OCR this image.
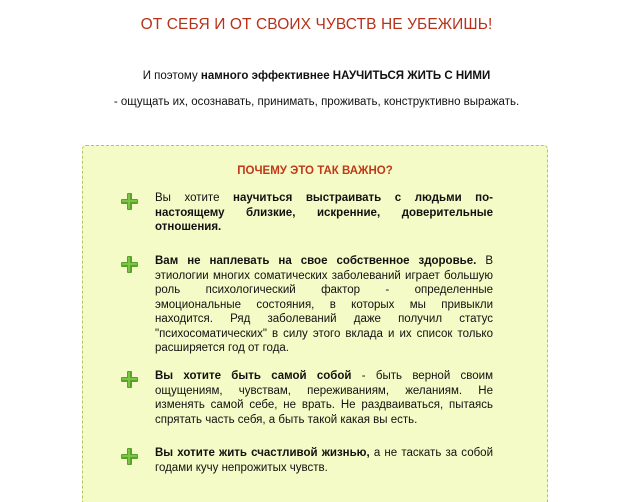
ОТ СЕБЯ И ОТ СВОИХ ЧУВСТВ НЕ УБЕЖИШЬ!
И поэтому намного эффективнее НАУЧИТЬСЯ ЖИТЬ С НИМИ
- ощущать их, осознавать, принимать, проживать, конструктивно выражать.
ПОЧЕМУ ЭТО ТАК ВАЖНО?
Вы хотите научиться выстраивать с людьми по-настоящему близкие, искренние, доверительные отношения.
Вам не наплевать на свое собственное здоровье. В этиологии многих соматических заболеваний играет большую роль психологический фактор - определенные эмоциональные состояния, в которых мы привыкли находится. Ряд заболеваний даже получил статус "психосоматических" в силу этого вклада и их список только расширяется год от года.
Вы хотите быть самой собой - быть верной своим ощущениям, чувствам, переживаниям, желаниям. Не изменять самой себе, не врать. Не раздваиваться, пытаясь спрятать часть себя, а быть такой какая вы есть.
Вы хотите жить счастливой жизнью, а не таскать за собой годами кучу непрожитых чувств.
